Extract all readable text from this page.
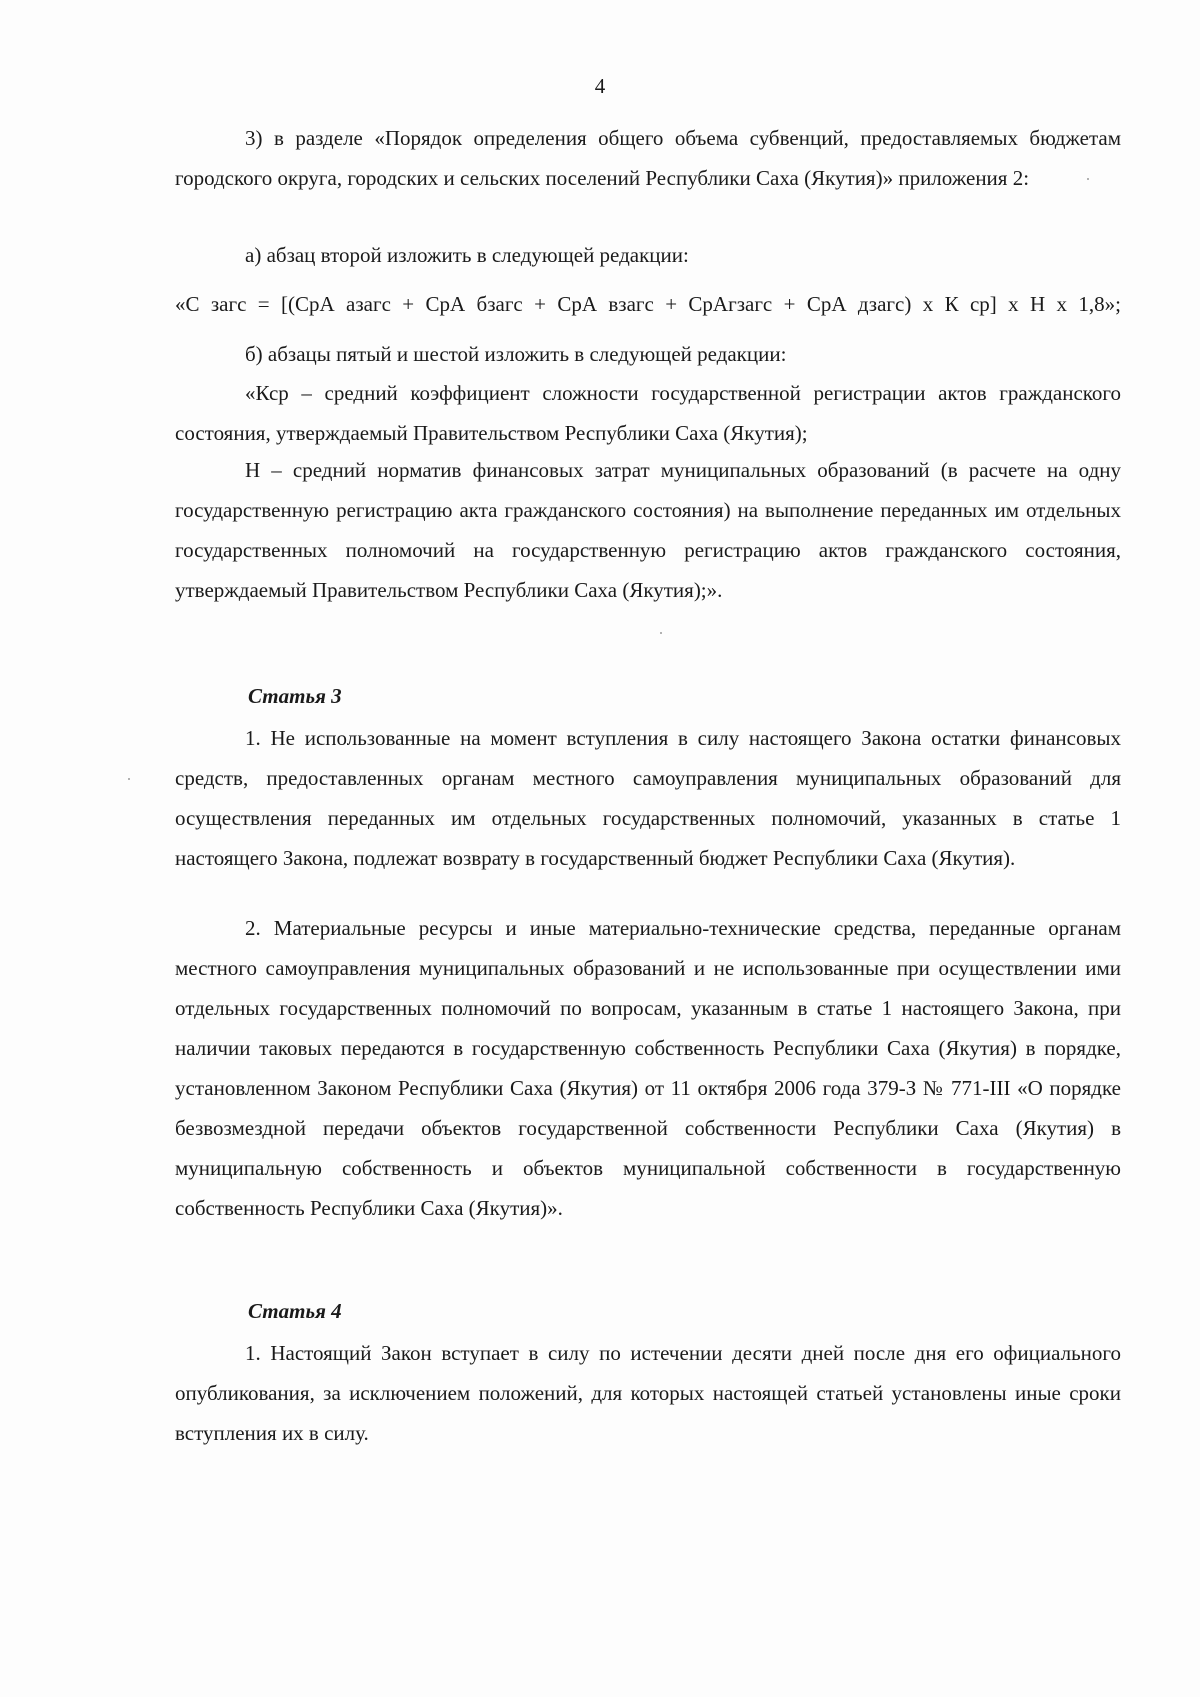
4

3) в разделе «Порядок определения общего объема субвенций, предоставляемых бюджетам городского округа, городских и сельских поселений Республики Саха (Якутия)» приложения 2:

а) абзац второй изложить в следующей редакции:

«С загс = [(СрА азагс + СрА бзагс + СрА взагс + СрАгзагс + СрА дзагс) х К ср] х Н х 1,8»;

б) абзацы пятый и шестой изложить в следующей редакции:

«Кср – средний коэффициент сложности государственной регистрации актов гражданского состояния, утверждаемый Правительством Республики Саха (Якутия);

Н – средний норматив финансовых затрат муниципальных образований (в расчете на одну государственную регистрацию акта гражданского состояния) на выполнение переданных им отдельных государственных полномочий на государственную регистрацию актов гражданского состояния, утверждаемый Правительством Республики Саха (Якутия);».

Статья 3

1. Не использованные на момент вступления в силу настоящего Закона остатки финансовых средств, предоставленных органам местного самоуправления муниципальных образований для осуществления переданных им отдельных государственных полномочий, указанных в статье 1 настоящего Закона, подлежат возврату в государственный бюджет Республики Саха (Якутия).

2. Материальные ресурсы и иные материально-технические средства, переданные органам местного самоуправления муниципальных образований и не использованные при осуществлении ими отдельных государственных полномочий по вопросам, указанным в статье 1 настоящего Закона, при наличии таковых передаются в государственную собственность Республики Саха (Якутия) в порядке, установленном Законом Республики Саха (Якутия) от 11 октября 2006 года 379-З № 771-III «О порядке безвозмездной передачи объектов государственной собственности Республики Саха (Якутия) в муниципальную собственность и объектов муниципальной собственности в государственную собственность Республики Саха (Якутия)».

Статья 4

1. Настоящий Закон вступает в силу по истечении десяти дней после дня его официального опубликования, за исключением положений, для которых настоящей статьей установлены иные сроки вступления их в силу.
